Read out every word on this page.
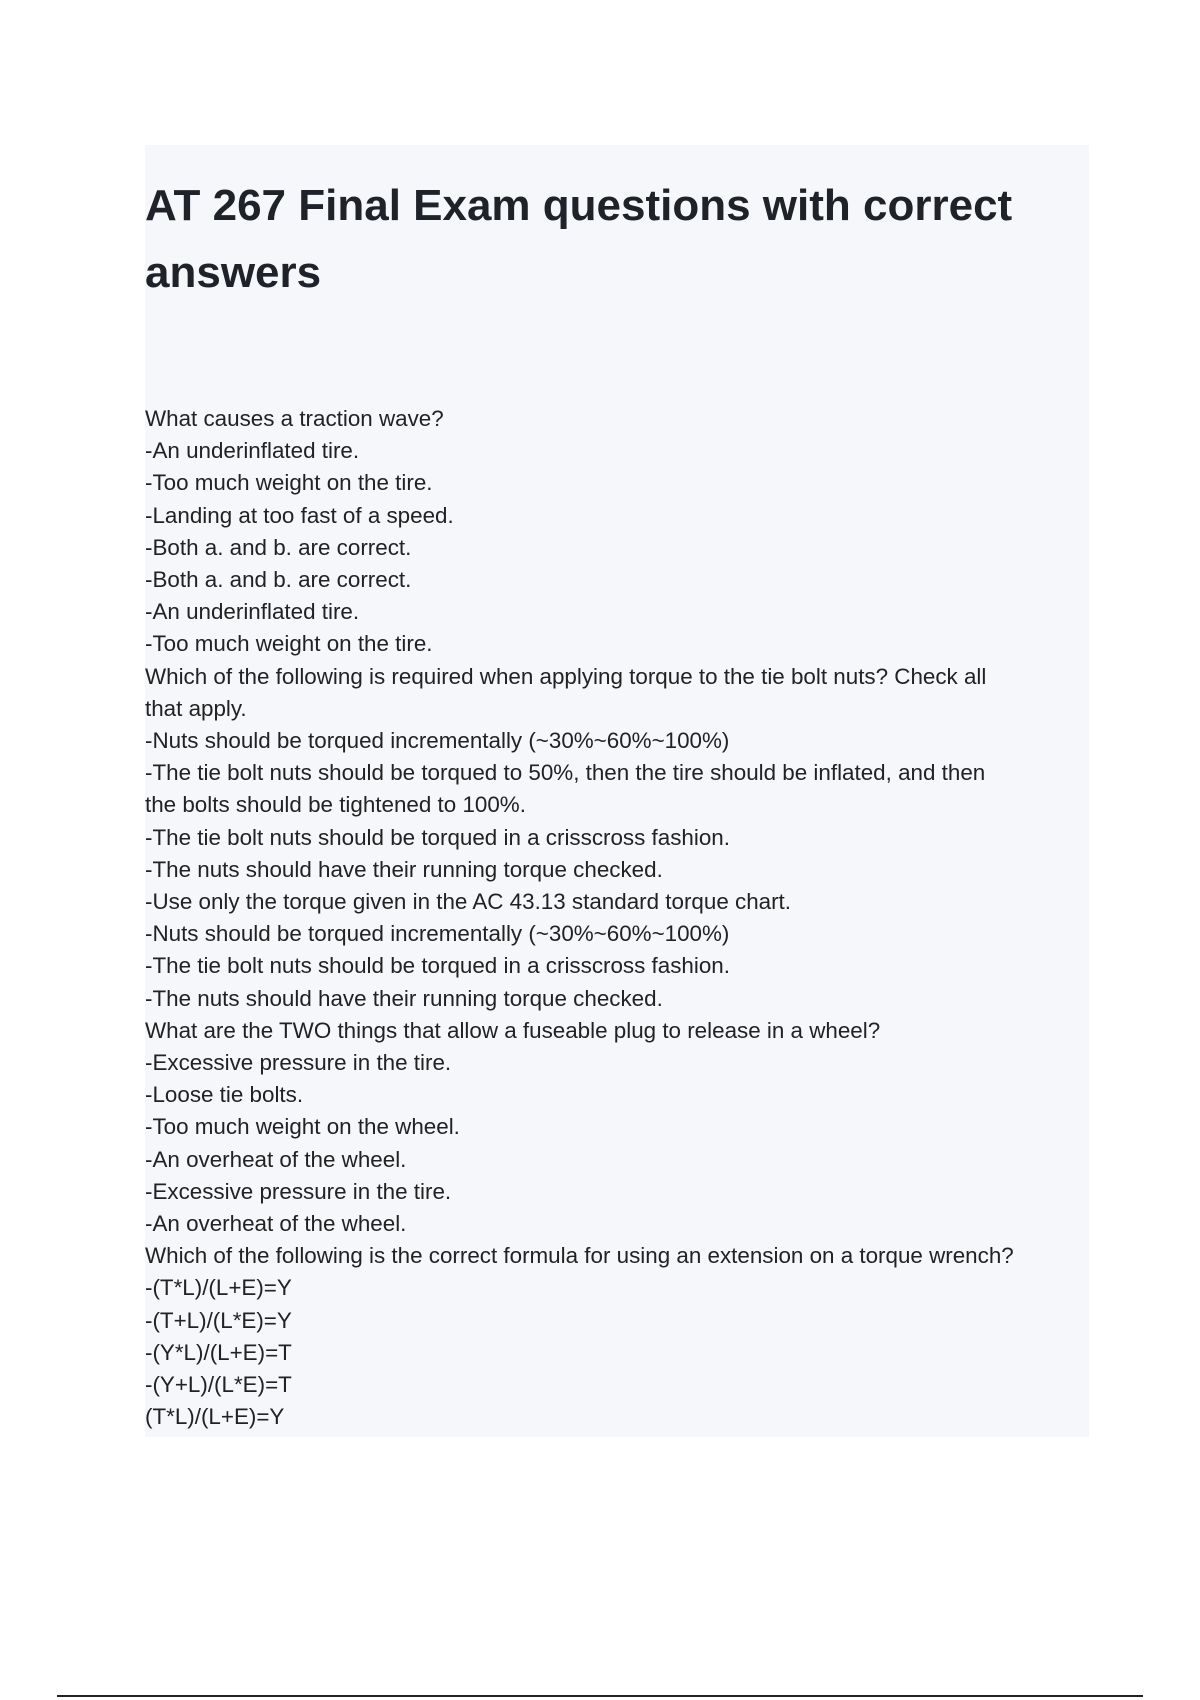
AT 267 Final Exam questions with correct answers
What causes a traction wave?
-An underinflated tire.
-Too much weight on the tire.
-Landing at too fast of a speed.
-Both a. and b. are correct.
-Both a. and b. are correct.
-An underinflated tire.
-Too much weight on the tire.
Which of the following is required when applying torque to the tie bolt nuts? Check all
that apply.
-Nuts should be torqued incrementally (~30%~60%~100%)
-The tie bolt nuts should be torqued to 50%, then the tire should be inflated, and then
the bolts should be tightened to 100%.
-The tie bolt nuts should be torqued in a crisscross fashion.
-The nuts should have their running torque checked.
-Use only the torque given in the AC 43.13 standard torque chart.
-Nuts should be torqued incrementally (~30%~60%~100%)
-The tie bolt nuts should be torqued in a crisscross fashion.
-The nuts should have their running torque checked.
What are the TWO things that allow a fuseable plug to release in a wheel?
-Excessive pressure in the tire.
-Loose tie bolts.
-Too much weight on the wheel.
-An overheat of the wheel.
-Excessive pressure in the tire.
-An overheat of the wheel.
Which of the following is the correct formula for using an extension on a torque wrench?
-(T*L)/(L+E)=Y
-(T+L)/(L*E)=Y
-(Y*L)/(L+E)=T
-(Y+L)/(L*E)=T
(T*L)/(L+E)=Y
